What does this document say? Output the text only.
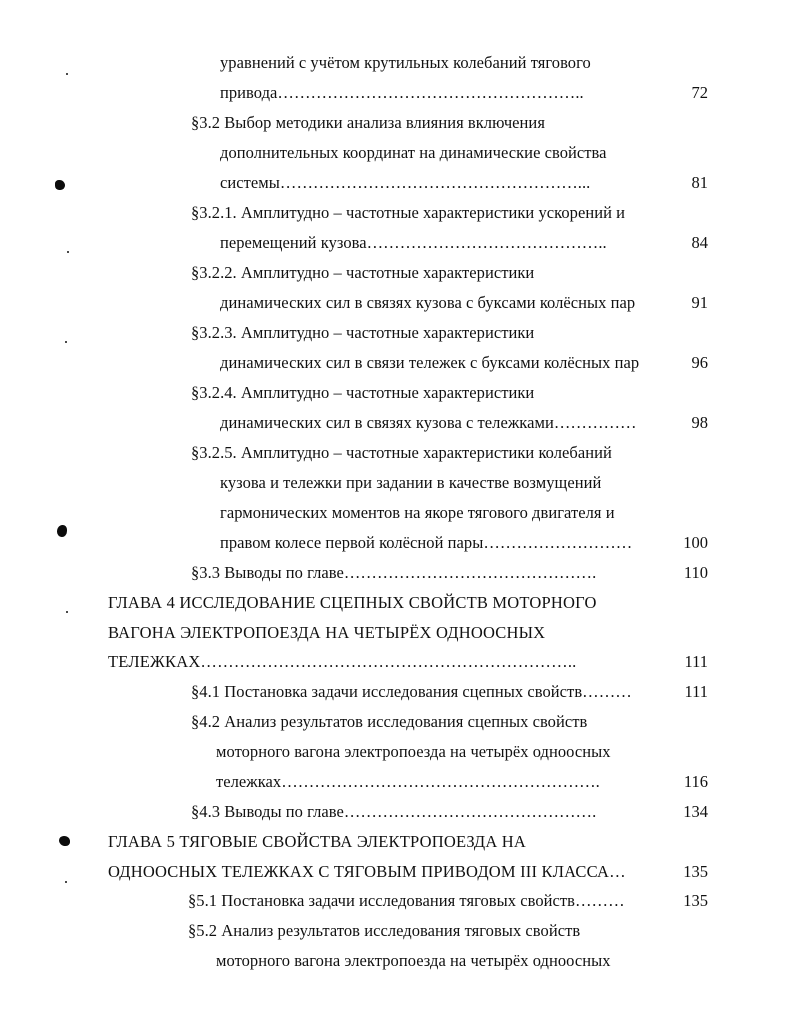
уравнений с учётом крутильных колебаний тягового
привода………………………………………………..	72
§3.2 Выбор методики анализа влияния включения
дополнительных координат на динамические свойства
системы………………………………………………...	81
§3.2.1. Амплитудно – частотные характеристики ускорений и
перемещений кузова……………………………………..	84
§3.2.2. Амплитудно – частотные характеристики
динамических сил в связях кузова с буксами колёсных пар	91
§3.2.3. Амплитудно – частотные характеристики
динамических сил в связи тележек с буксами колёсных пар	96
§3.2.4. Амплитудно – частотные характеристики
динамических сил в связях кузова с тележками……………	98
§3.2.5. Амплитудно – частотные характеристики колебаний
кузова и тележки при задании в качестве возмущений
гармонических моментов на якоре тягового двигателя и
правом колесе первой колёсной пары………………………	100
§3.3 Выводы по главе……………………………………….	110
ГЛАВА 4 ИССЛЕДОВАНИЕ СЦЕПНЫХ СВОЙСТВ МОТОРНОГО
ВАГОНА ЭЛЕКТРОПОЕЗДА НА ЧЕТЫРЁХ ОДНООСНЫХ
ТЕЛЕЖКАХ…………………………………………………………..	111
§4.1 Постановка задачи исследования сцепных свойств………	111
§4.2 Анализ результатов исследования сцепных свойств
моторного вагона электропоезда на четырёх одноосных
тележках………………………………………………….	116
§4.3 Выводы по главе……………………………………….	134
ГЛАВА 5 ТЯГОВЫЕ СВОЙСТВА ЭЛЕКТРОПОЕЗДА НА
ОДНООСНЫХ ТЕЛЕЖКАХ С ТЯГОВЫМ ПРИВОДОМ III КЛАССА…	135
§5.1 Постановка задачи исследования тяговых свойств………	135
§5.2 Анализ результатов исследования тяговых свойств
моторного вагона электропоезда на четырёх одноосных
